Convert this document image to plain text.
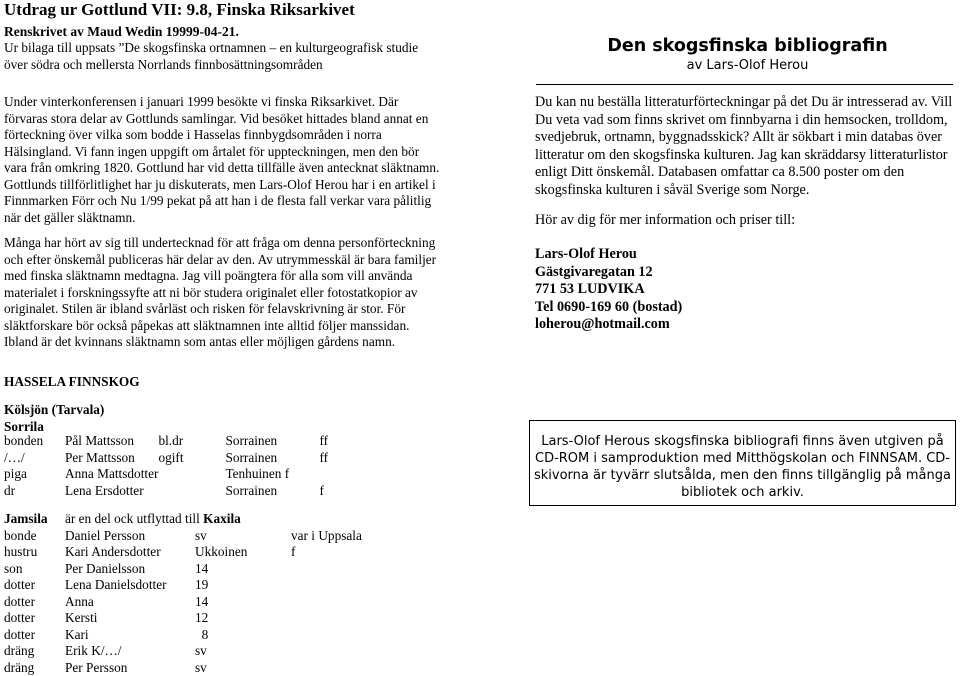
Utdrag ur Gottlund VII: 9.8, Finska Riksarkivet
Renskrivet av Maud Wedin 19999-04-21.

Ur bilaga till uppsats ”De skogsfinska ortnamnen – en kulturgeografisk studie över södra och mellersta Norrlands finnbosättningsområden

Under vinterkonferensen i januari 1999 besökte vi finska Riksarkivet. Där förvaras stora delar av Gottlunds samlingar. Vid besöket hittades bland annat en förteckning över vilka som bodde i Hasselas finnbygdsområden i norra Hälsingland. Vi fann ingen uppgift om årtalet för uppteckningen, men den bör vara från omkring 1820. Gottlund har vid detta tillfälle även antecknat släktnamn. Gottlunds tillförlitlighet har ju diskuterats, men Lars-Olof Herou har i en artikel i Finnmarken Förr och Nu 1/99 pekat på att han i de flesta fall verkar vara pålitlig när det gäller släktnamn.

Många har hört av sig till undertecknad för att fråga om denna personförteckning och efter önskemål publiceras här delar av den. Av utrymmesskäl är bara familjer med finska släktnamn medtagna. Jag vill poängtera för alla som vill använda materialet i forskningssyfte att ni bör studera originalet eller fotostatkopior av originalet. Stilen är ibland svårläst och risken för felavskrivning är stor. För släktforskare bör också påpekas att släktnamnen inte alltid följer manssidan. Ibland är det kvinnans släktnamn som antas eller möjligen gårdens namn.

HASSELA FINNSKOG
Kölsjön (Tarvala)
Sorrila
bonden	Pål Mattsson	bl.dr	Sorrainen	ff
/…/	Per Mattsson	ogift	Sorrainen	ff
piga	Anna Mattsdotter		Tenhuinen f	
dr	Lena Ersdotter		Sorrainen	f
Jamsila	är en del ock utflyttad till Kaxila		
bonde	Daniel Persson	sv	var i Uppsala
hustru	Kari Andersdotter	Ukkoinen	f
son	Per Danielsson	14	
dotter	Lena Danielsdotter	19	
dotter	Anna	14	
dotter	Kersti	12	
dotter	Kari	8	
dräng	Erik K/…/	sv	
dräng	Per Persson	sv	
Den skogsfinska bibliografin
av Lars-Olof Herou
Du kan nu beställa litteraturförteckningar på det Du är intresserad av. Vill Du veta vad som finns skrivet om finnbyarna i din hemsocken, trolldom, svedjebruk, ortnamn, byggnadsskick? Allt är sökbart i min databas över litteratur om den skogsfinska kulturen. Jag kan skräddarsy litteraturlistor enligt Ditt önskemål. Databasen omfattar ca 8.500 poster om den skogsfinska kulturen i såväl Sverige som Norge.
Hör av dig för mer information och priser till:
Lars-Olof Herou
Gästgivaregatan 12
771 53 LUDVIKA
Tel 0690-169 60 (bostad)
loherou@hotmail.com

Lars-Olof Herous skogsfinska bibliografi finns även utgiven på CD-ROM i samproduktion med Mitthögskolan och FINNSAM. CD-skivorna är tyvärr slutsålda, men den finns tillgänglig på många bibliotek och arkiv.
